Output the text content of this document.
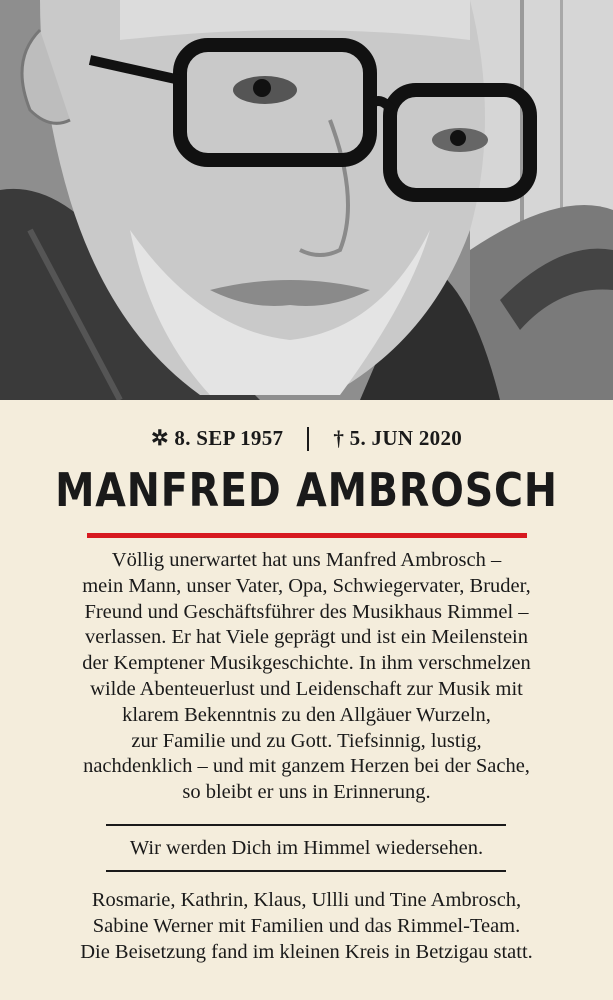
✲ 8. SEP 1957 † 5. JUN 2020
MANFRED AMBROSCH
Völlig unerwartet hat uns Manfred Ambrosch –
mein Mann, unser Vater, Opa, Schwiegervater, Bruder,
Freund und Geschäftsführer des Musikhaus Rimmel –
verlassen. Er hat Viele geprägt und ist ein Meilenstein
der Kemptener Musikgeschichte. In ihm verschmelzen
wilde Abenteuerlust und Leidenschaft zur Musik mit
klarem Bekenntnis zu den Allgäuer Wurzeln,
zur Familie und zu Gott. Tiefsinnig, lustig,
nachdenklich – und mit ganzem Herzen bei der Sache,
so bleibt er uns in Erinnerung.
Wir werden Dich im Himmel wiedersehen.
Rosmarie, Kathrin, Klaus, Ullli und Tine Ambrosch,
Sabine Werner mit Familien und das Rimmel-Team.
Die Beisetzung fand im kleinen Kreis in Betzigau statt.
